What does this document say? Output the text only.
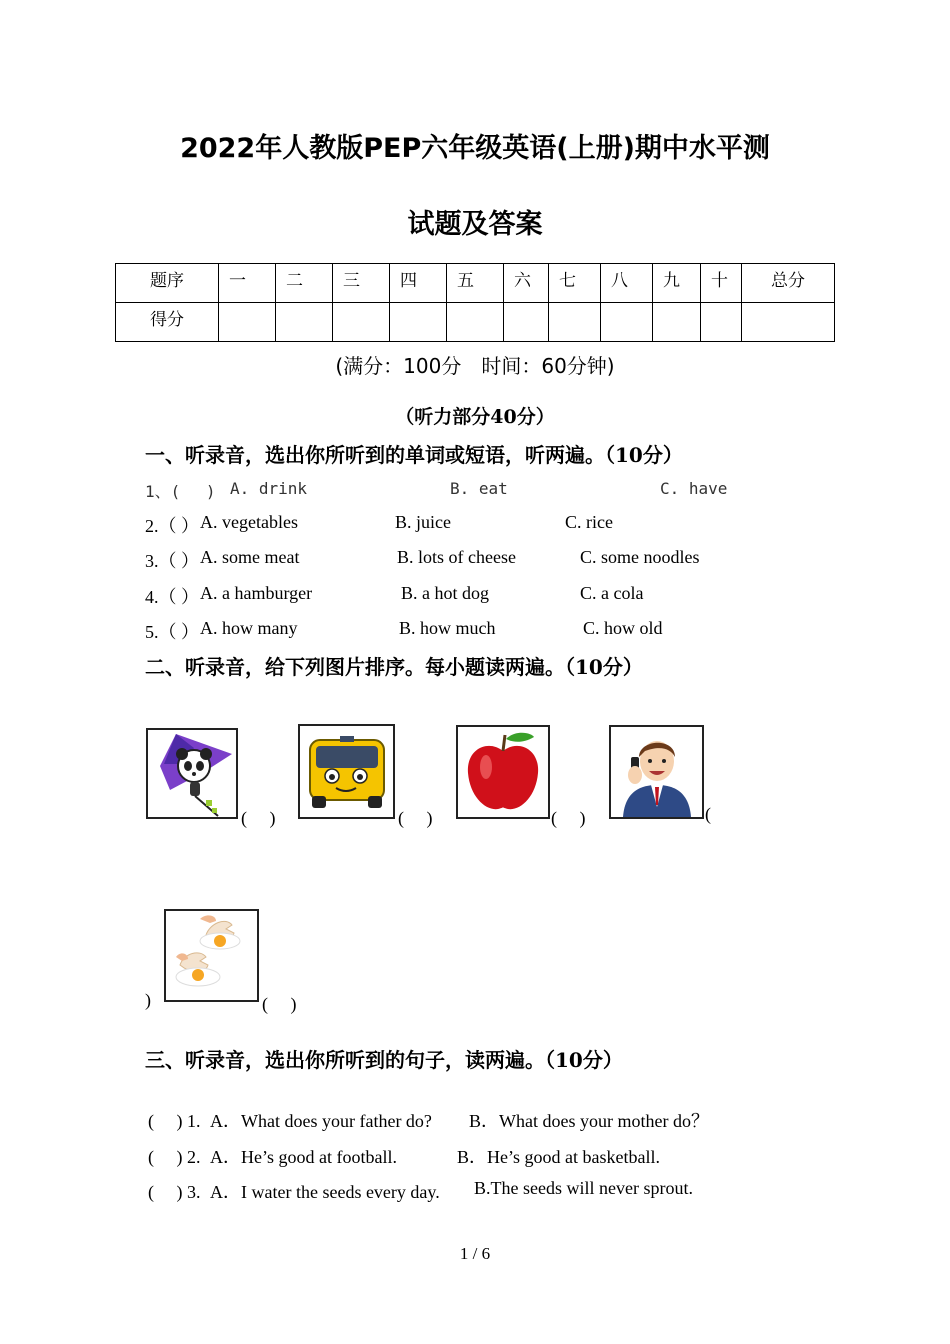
2022年人教版PEP六年级英语(上册)期中水平测
试题及答案
题序	一	二	三	四	五	六	七	八	九	十	总分
得分											
(满分：100分　时间：60分钟)
（听力部分40分）
一、听录音，选出你所听到的单词或短语，听两遍。（10分）
1、(　 ) A. drink	B. eat	C. have
2.（ ） A. vegetables	B. juice	C. rice
3.（ ） A. some meat	B. lots of cheese	C. some noodles
4.（ ） A. a hamburger	B. a hot dog	C. a cola
5.（ ） A. how many	B. how much	C. how old
二、听录音，给下列图片排序。每小题读两遍。（10分）
(　 )	(　 )	(　 )	(
)	(　 )
三、听录音，选出你所听到的句子，读两遍。（10分）
(　 ) 1. A．What does your father do? B．What does your mother do？
(　 ) 2. A．He’s good at football.	B．He’s good at basketball.
(　 ) 3. A．I water the seeds every day. B.The seeds will never sprout.
1 / 6
